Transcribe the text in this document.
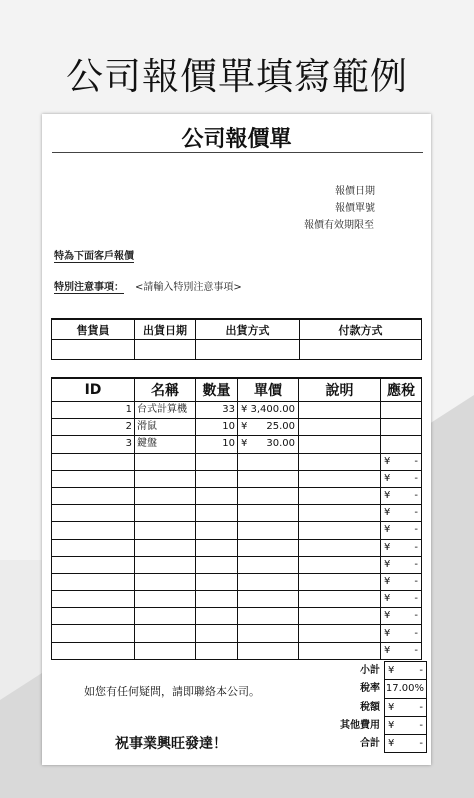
公司報價單填寫範例
公司報價單
報價日期
報價單號
報價有效期限至
特為下面客戶報價
特別注意事項： <請輸入特別注意事項>
售貨員	出貨日期	出貨方式	付款方式

ID	名稱	數量	單價	說明	應稅
1	台式計算機	33	¥ 3,400.00		

2	滑鼠	10	¥ 25.00		

3	鍵盤	10	¥ 30.00		

					¥ -

					¥ -

					¥ -

					¥ -

					¥ -

					¥ -

					¥ -

					¥ -

					¥ -

					¥ -

					¥ -

					¥ -
如您有任何疑問，請即聯絡本公司。
祝事業興旺發達！
小計	¥ -

稅率	17.00%
稅額	¥ -

其他費用	¥ -

合計	¥ -
